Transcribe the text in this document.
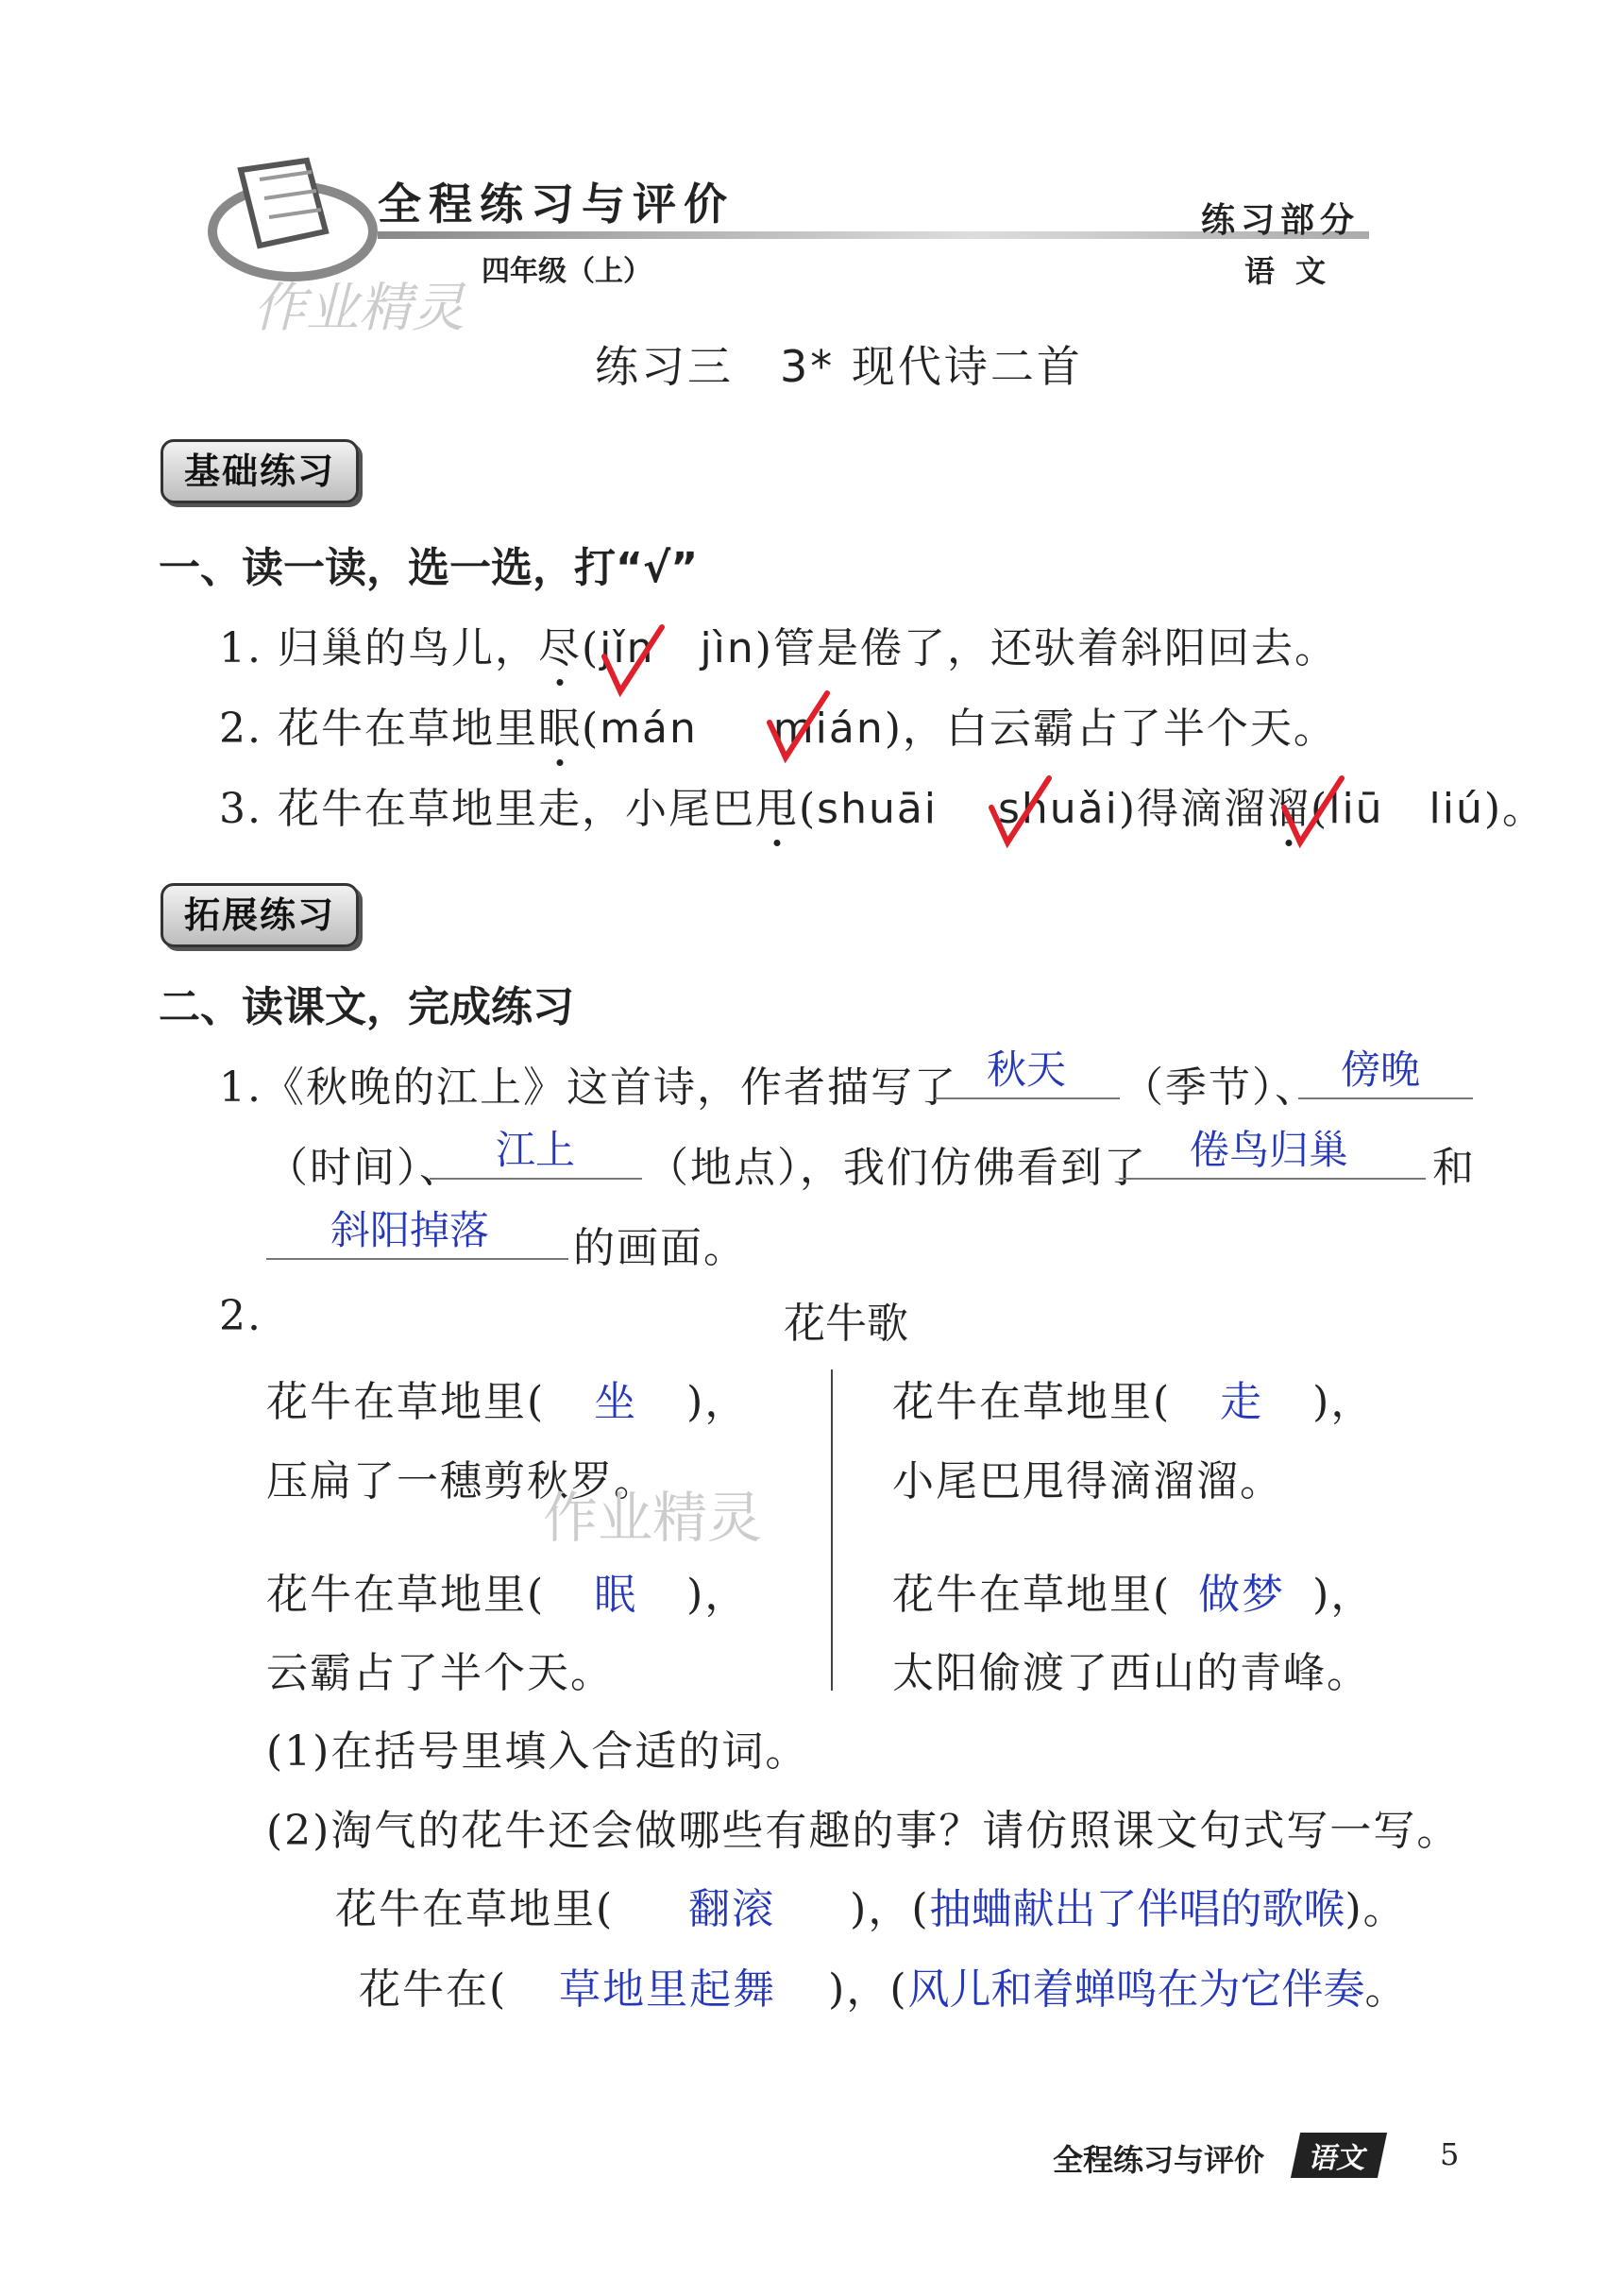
全程练习与评价
四年级（上）
练习部分
语文
作业精灵
练习三　3* 现代诗二首
基础练习
一、读一读，选一选，打“√”
1. 归巢的鸟儿，尽(jǐn jìn)管是倦了，还驮着斜阳回去。
2. 花牛在草地里眠(mán mián)，白云霸占了半个天。
3. 花牛在草地里走，小尾巴甩(shuāi shuǎi)得滴溜溜(liū liú)。
拓展练习
二、读课文，完成练习
1.《秋晚的江上》这首诗，作者描写了 秋天 （季节）、 傍晚
（时间）、 江上 （地点），我们仿佛看到了 倦鸟归巢 和
斜阳掉落 的画面。
2.	花牛歌
花牛在草地里( 坐 )，
压扁了一穗剪秋罗。
作业精灵
花牛在草地里( 眠 )，
云霸占了半个天。
花牛在草地里( 走 )，
小尾巴甩得滴溜溜。
花牛在草地里( 做梦 )，
太阳偷渡了西山的青峰。
(1)在括号里填入合适的词。
(2)淘气的花牛还会做哪些有趣的事？请仿照课文句式写一写。
花牛在草地里( 翻滚 )，(抽蛐献出了伴唱的歌喉)。
花牛在( 草地里起舞 )，(风儿和着蝉鸣在为它伴奏。
全程练习与评价	语文	5
